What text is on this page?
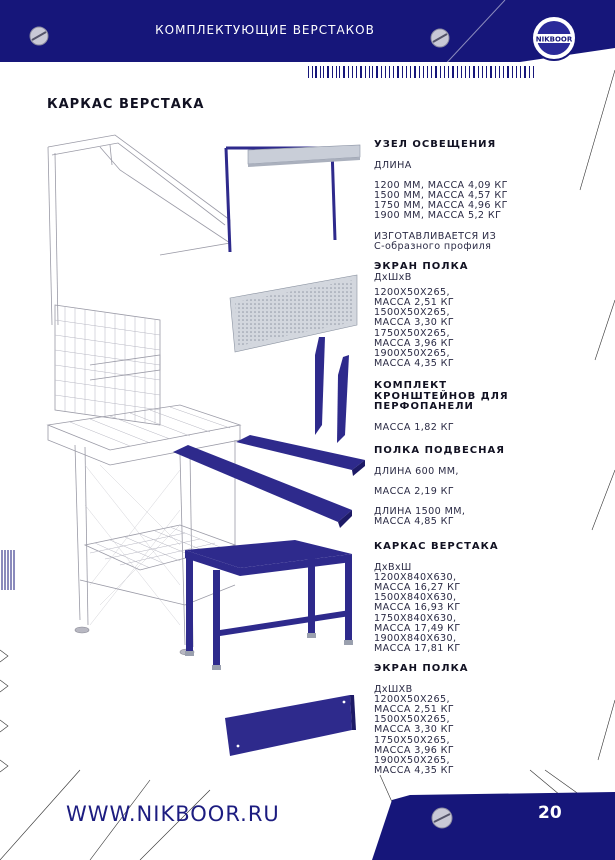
КОМПЛЕКТУЮЩИЕ ВЕРСТАКОВ
NIKBOOR
КАРКАС ВЕРСТАКА
УЗЕЛ ОСВЕЩЕНИЯ
ДЛИНА
1200 ММ, МАССА 4,09 КГ
1500 ММ, МАССА 4,57 КГ
1750 ММ, МАССА 4,96 КГ
1900 ММ, МАССА 5,2 КГ
ИЗГОТАВЛИВАЕТСЯ ИЗ
С-образного профиля
ЭКРАН ПОЛКА
ДхШхВ
1200Х50Х265,
МАССА 2,51 КГ
1500Х50Х265,
МАССА 3,30 КГ
1750Х50Х265,
МАССА 3,96 КГ
1900Х50Х265,
МАССА 4,35 КГ
КОМПЛЕКТ
КРОНШТЕЙНОВ ДЛЯ
ПЕРФОПАНЕЛИ
МАССА 1,82 КГ
ПОЛКА ПОДВЕСНАЯ
ДЛИНА 600 ММ,
МАССА 2,19 КГ
ДЛИНА 1500 ММ,
МАССА 4,85 КГ
КАРКАС ВЕРСТАКА
ДхВхШ
1200Х840Х630,
МАССА 16,27 КГ
1500Х840Х630,
МАССА 16,93 КГ
1750Х840Х630,
МАССА 17,49 КГ
1900Х840Х630,
МАССА 17,81 КГ
ЭКРАН ПОЛКА
ДхШХВ
1200Х50Х265,
МАССА 2,51 КГ
1500Х50Х265,
МАССА 3,30 КГ
1750Х50Х265,
МАССА 3,96 КГ
1900Х50Х265,
МАССА 4,35 КГ
WWW.NIKBOOR.RU	20
